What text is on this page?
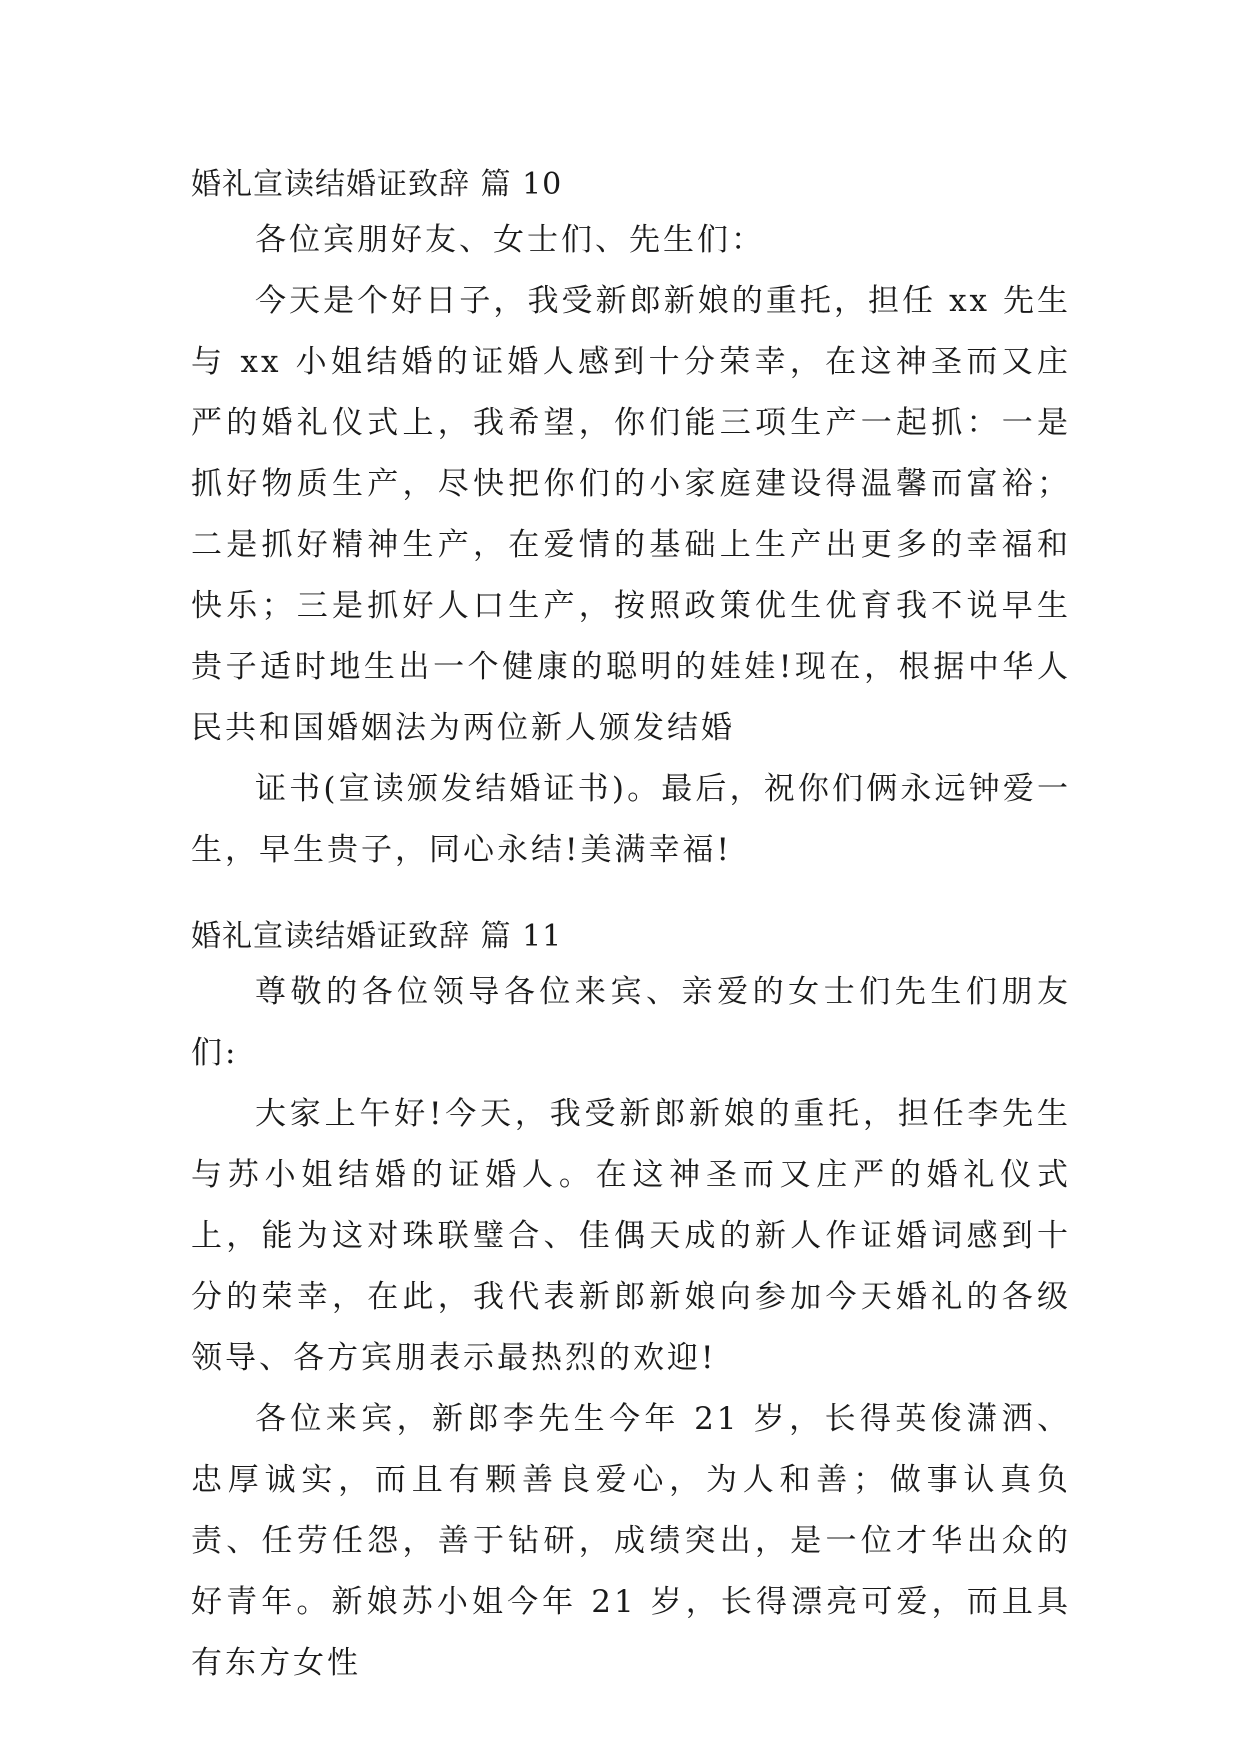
婚礼宣读结婚证致辞 篇 10

各位宾朋好友、女士们、先生们：

今天是个好日子，我受新郎新娘的重托，担任 xx 先生与 xx 小姐结婚的证婚人感到十分荣幸，在这神圣而又庄严的婚礼仪式上，我希望，你们能三项生产一起抓：一是抓好物质生产，尽快把你们的小家庭建设得温馨而富裕；二是抓好精神生产，在爱情的基础上生产出更多的幸福和快乐；三是抓好人口生产，按照政策优生优育我不说早生贵子适时地生出一个健康的聪明的娃娃!现在，根据中华人民共和国婚姻法为两位新人颁发结婚

证书(宣读颁发结婚证书)。最后，祝你们俩永远钟爱一生，早生贵子，同心永结!美满幸福!

婚礼宣读结婚证致辞 篇 11

尊敬的各位领导各位来宾、亲爱的女士们先生们朋友们:

大家上午好!今天，我受新郎新娘的重托，担任李先生与苏小姐结婚的证婚人。在这神圣而又庄严的婚礼仪式上，能为这对珠联璧合、佳偶天成的新人作证婚词感到十分的荣幸，在此，我代表新郎新娘向参加今天婚礼的各级领导、各方宾朋表示最热烈的欢迎!

各位来宾，新郎李先生今年 21 岁，长得英俊潇洒、忠厚诚实，而且有颗善良爱心，为人和善；做事认真负责、任劳任怨，善于钻研，成绩突出，是一位才华出众的好青年。新娘苏小姐今年 21 岁，长得漂亮可爱，而且具有东方女性
